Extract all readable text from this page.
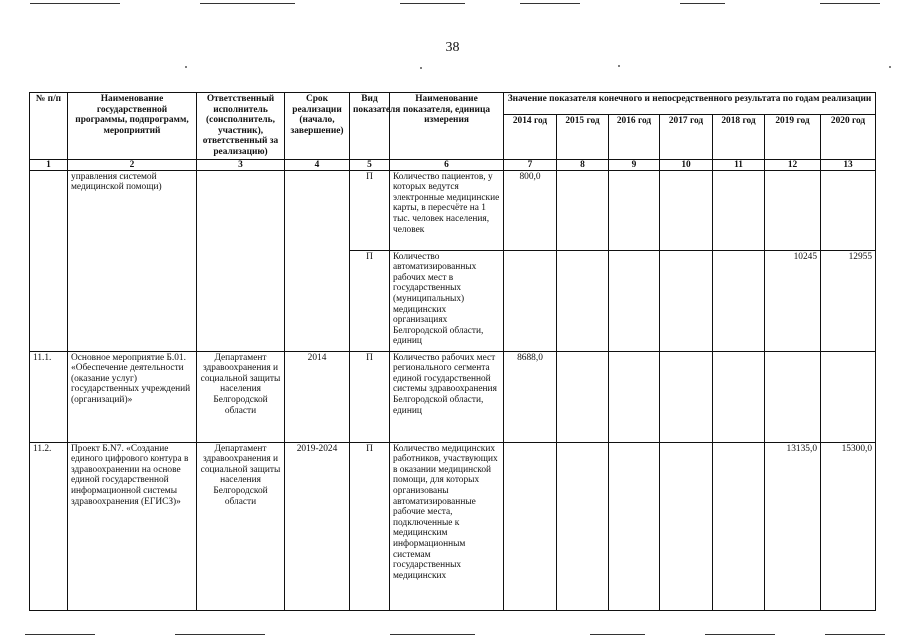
38
№ п/п	Наименование государственной программы, подпрограмм, мероприятий	Ответственный исполнитель (соисполнитель, участник), ответственный за реализацию)	Срок реализации (начало, завершение)	Вид показателя	Наименование показателя, единица измерения	Значение показателя конечного и непосредственного результата по годам реализации						
						2014 год	2015 год	2016 год	2017 год	2018 год	2019 год	2020 год
1	2	3	4	5	6	7	8	9	10	11	12	13
	управления системой медицинской помощи)			П	Количество пациентов, у которых ведутся электронные медицинские карты, в пересчёте на 1 тыс. человек населения, человек	800,0						
				П	Количество автоматизированных рабочих мест в государственных (муниципальных) медицинских организациях Белгородской области, единиц						10245	12955
11.1.	Основное мероприятие Б.01. «Обеспечение деятельности (оказание услуг) государственных учреждений (организаций)»	Департамент здравоохранения и социальной защиты населения Белгородской области	2014	П	Количество рабочих мест регионального сегмента единой государственной системы здравоохранения Белгородской области, единиц	8688,0						
11.2.	Проект Б.N7. «Создание единого цифрового контура в здравоохранении на основе единой государственной информационной системы здравоохранения (ЕГИСЗ)»	Департамент здравоохранения и социальной защиты населения Белгородской области	2019-2024	П	Количество медицинских работников, участвующих в оказании медицинской помощи, для которых организованы автоматизированные рабочие места, подключенные к медицинским информационным системам государственных медицинских						13135,0	15300,0
